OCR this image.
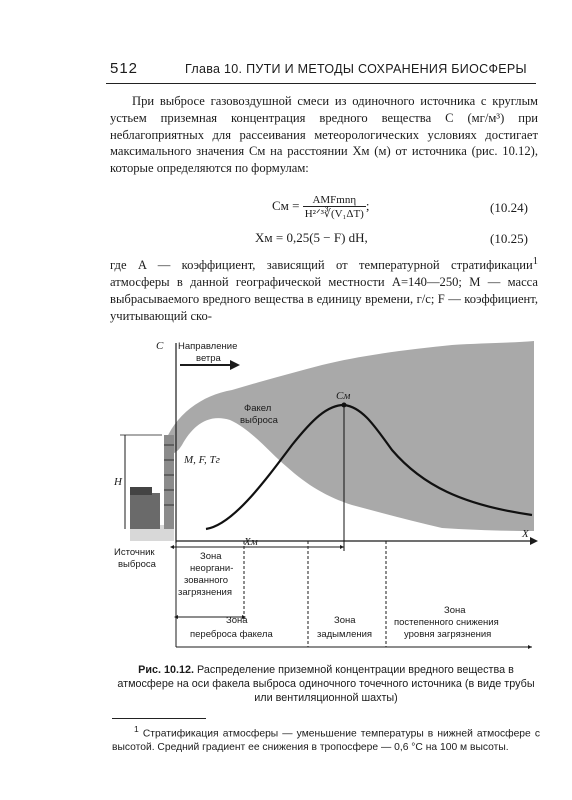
512	Глава 10. ПУТИ И МЕТОДЫ СОХРАНЕНИЯ БИОСФЕРЫ

При выбросе газовоздушной смеси из одиночного источника с круглым устьем приземная концентрация вредного вещества C (мг/м³) при неблагоприятных для рассеивания метеорологических условиях достигает максимального значения Cм на расстоянии Xм (м) от источника (рис. 10.12), которые определяются по формулам:

Cм = $\frac{\text{AMFmnη}}{\text{H²ᐟ³∛(V₁ΔT)}}$ ;	(10.24)
Xм = 0,25(5 − F) dH,	(10.25)

где A — коэффициент, зависящий от температурной стратификации$^1$ атмосферы в данной географической местности A=140—250; M — масса выбрасываемого вредного вещества в единицу времени, г/с; F — коэффициент, учитывающий ско-

H
C
X
Направление
ветра
Факел
выброса
M, F, Tг
Cм
Xм
Источник
выброса
Зона
неоргани-
зованного
загрязнения
Зона
переброса факела
Зона
задымления
Зона
постепенного снижения
уровня загрязнения
Рис. 10.12. Распределение приземной концентрации вредного вещества в атмосфере на оси факела выброса одиночного точечного источника (в виде трубы или вентиляционной шахты)
$^1$ Стратификация атмосферы — уменьшение температуры в нижней атмосфере с высотой. Средний градиент ее снижения в тропосфере — 0,6 °С на 100 м высоты.
